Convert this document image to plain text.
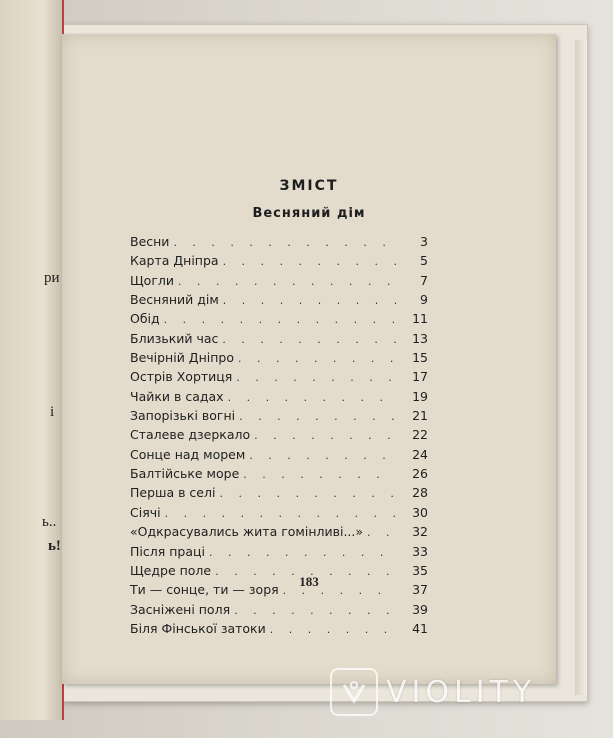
ри
і
ь..
ь!
ЗМІСТ
Весняний дім
Весни . . .	3
Карта Дніпра . . .	5
Щогли . . .	7
Весняний дім . . .	9
Обід . . .	11
Близький час . . .	13
Вечірній Дніпро . . .	15
Острів Хортиця . . .	17
Чайки в садах . . .	19
Запорізькі вогні . . .	21
Сталеве дзеркало . . .	22
Сонце над морем . . .	24
Балтійське море . . .	26
Перша в селі . . .	28
Сіячі . . .	30
«Одкрасувались жита гомінливі...» . . .	32
Після праці . . .	33
Щедре поле . . .	35
Ти — сонце, ти — зоря . . .	37
Засніжені поля . . .	39
Біля Фінської затоки . . .	41
183
VIOLITY
